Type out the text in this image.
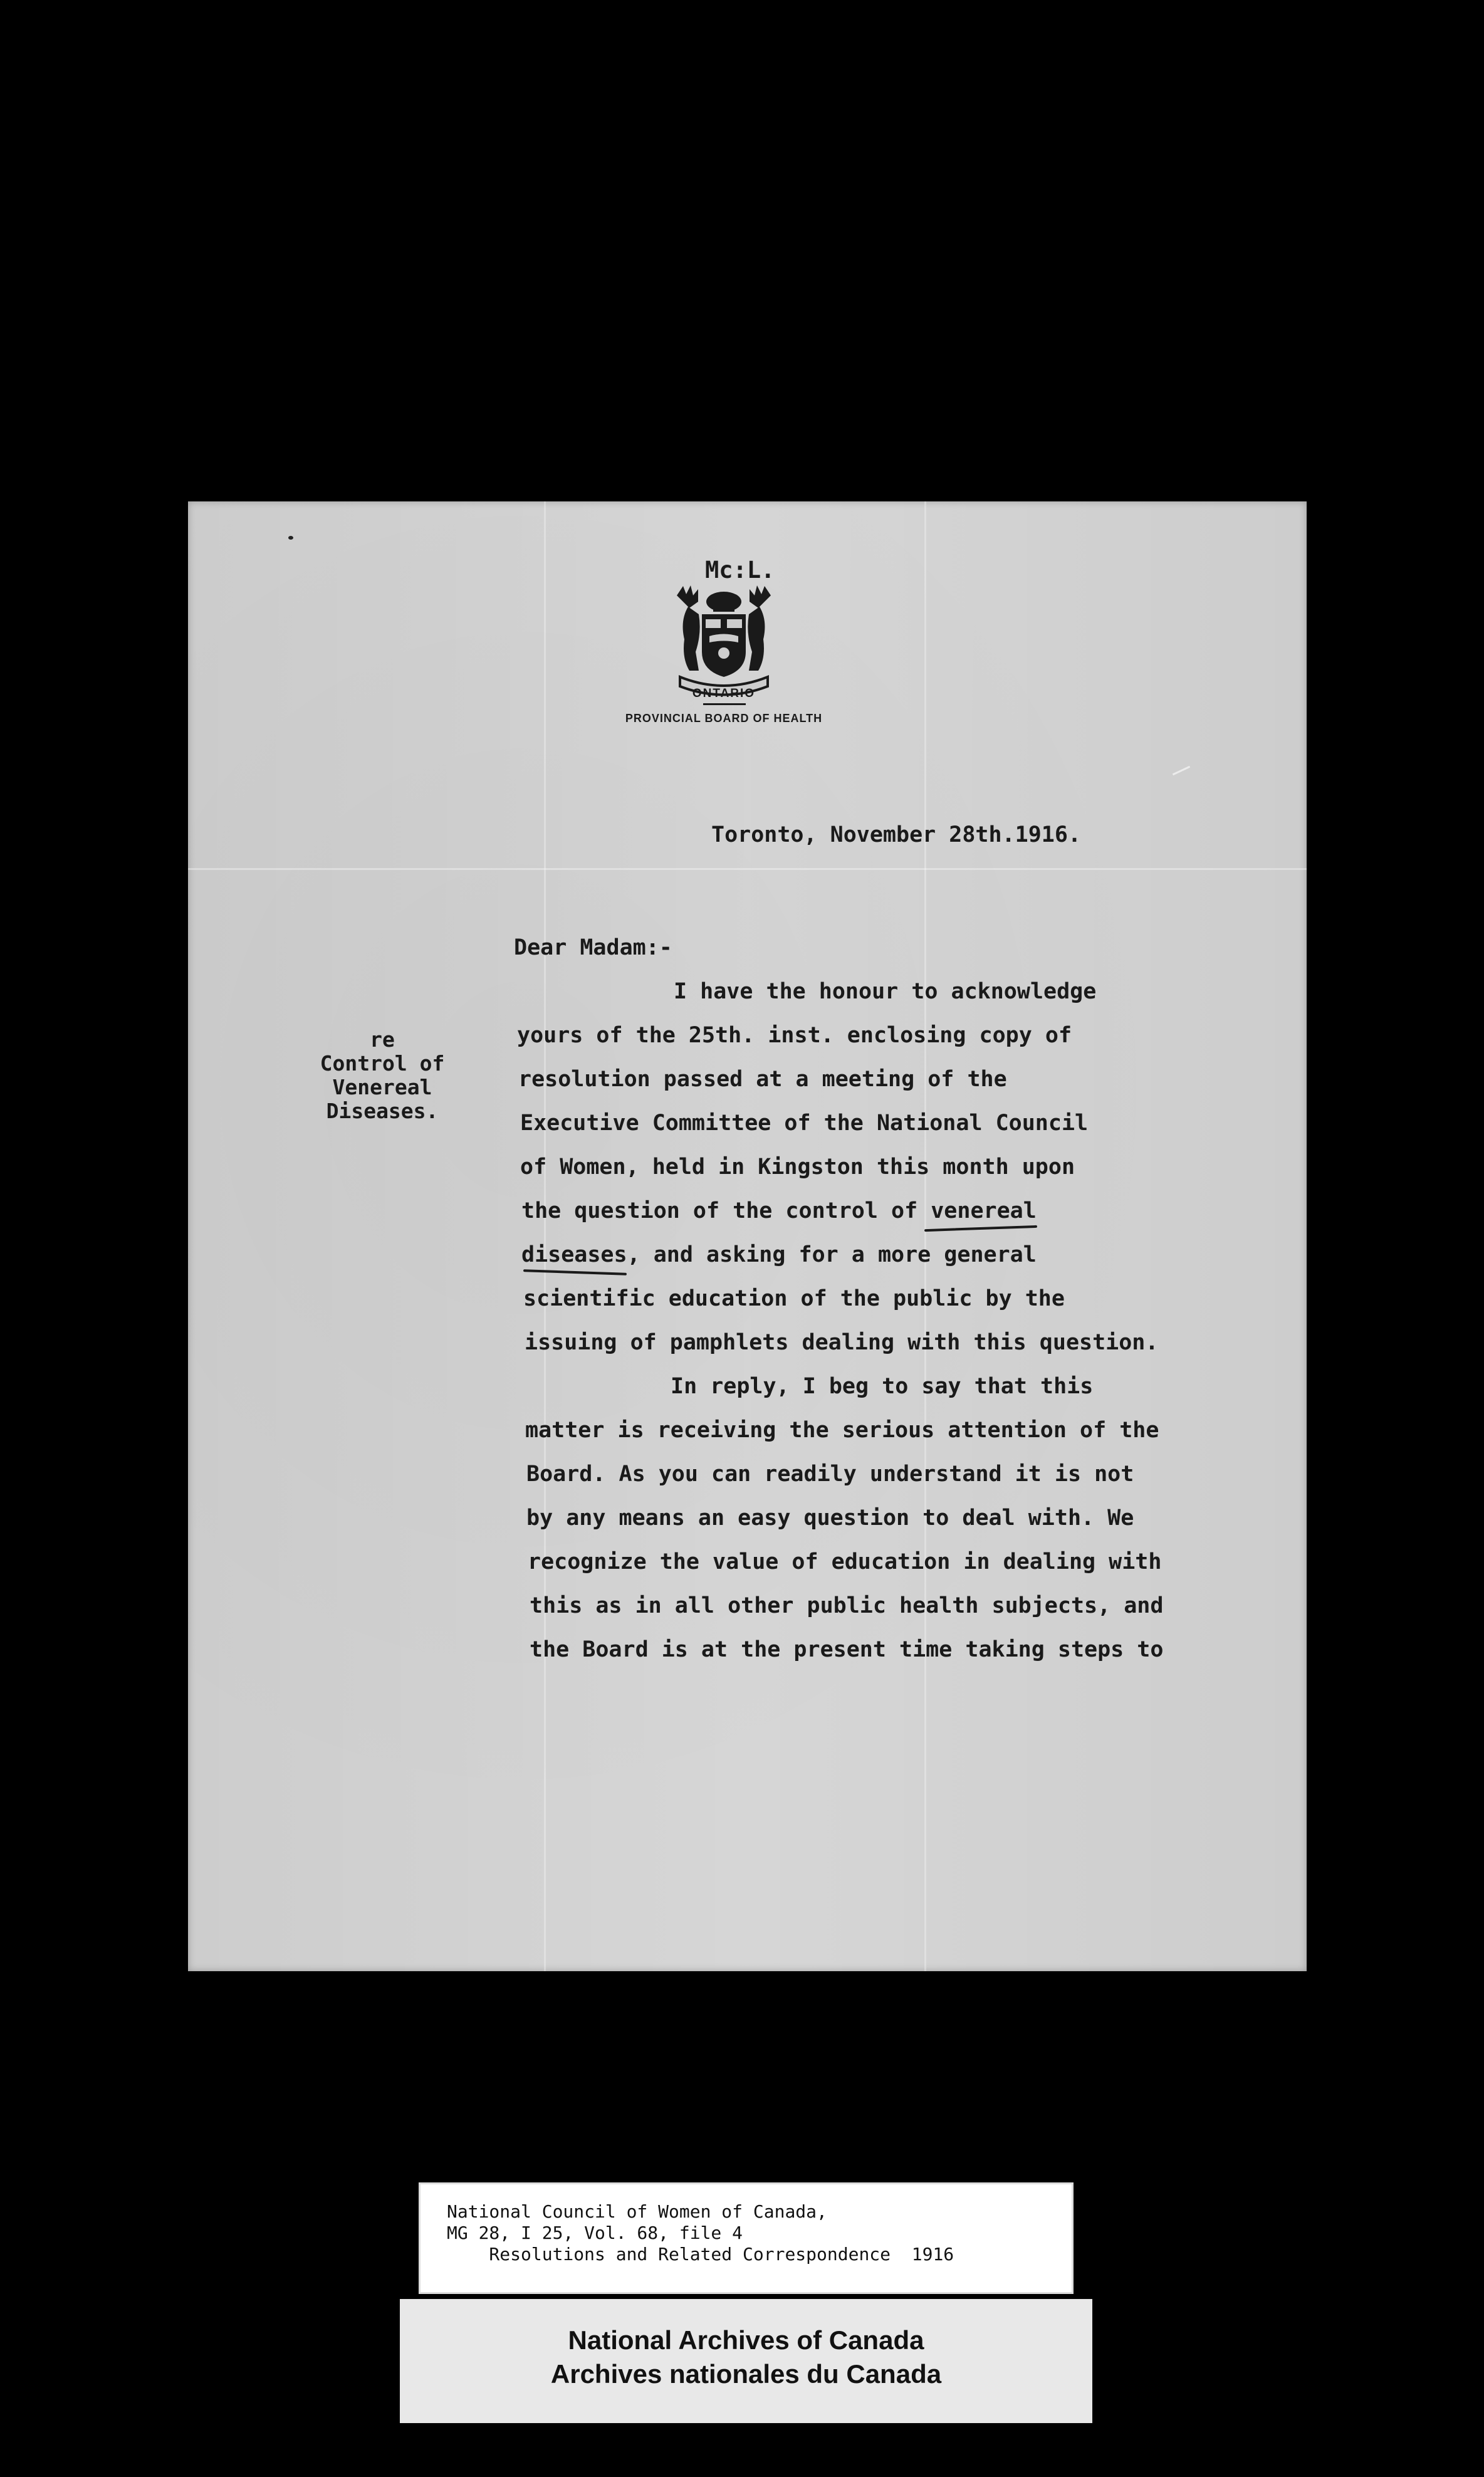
Mc:L.
ONTARIO
PROVINCIAL BOARD OF HEALTH
Toronto, November 28th.1916.
Dear Madam:-
re
Control of
Venereal
Diseases.
I have the honour to acknowledge
yours of the 25th. inst. enclosing copy of
resolution passed at a meeting of the
Executive Committee of the National Council
of Women, held in Kingston this month upon
the question of the control of venereal
diseases, and asking for a more general
scientific education of the public by the
issuing of pamphlets dealing with this question.
In reply, I beg to say that this
matter is receiving the serious attention of the
Board. As you can readily understand it is not
by any means an easy question to deal with. We
recognize the value of education in dealing with
this as in all other public health subjects, and
the Board is at the present time taking steps to
National Council of Women of Canada,
MG 28, I 25, Vol. 68, file 4
Resolutions and Related Correspondence  1916
National Archives of Canada
Archives nationales du Canada
